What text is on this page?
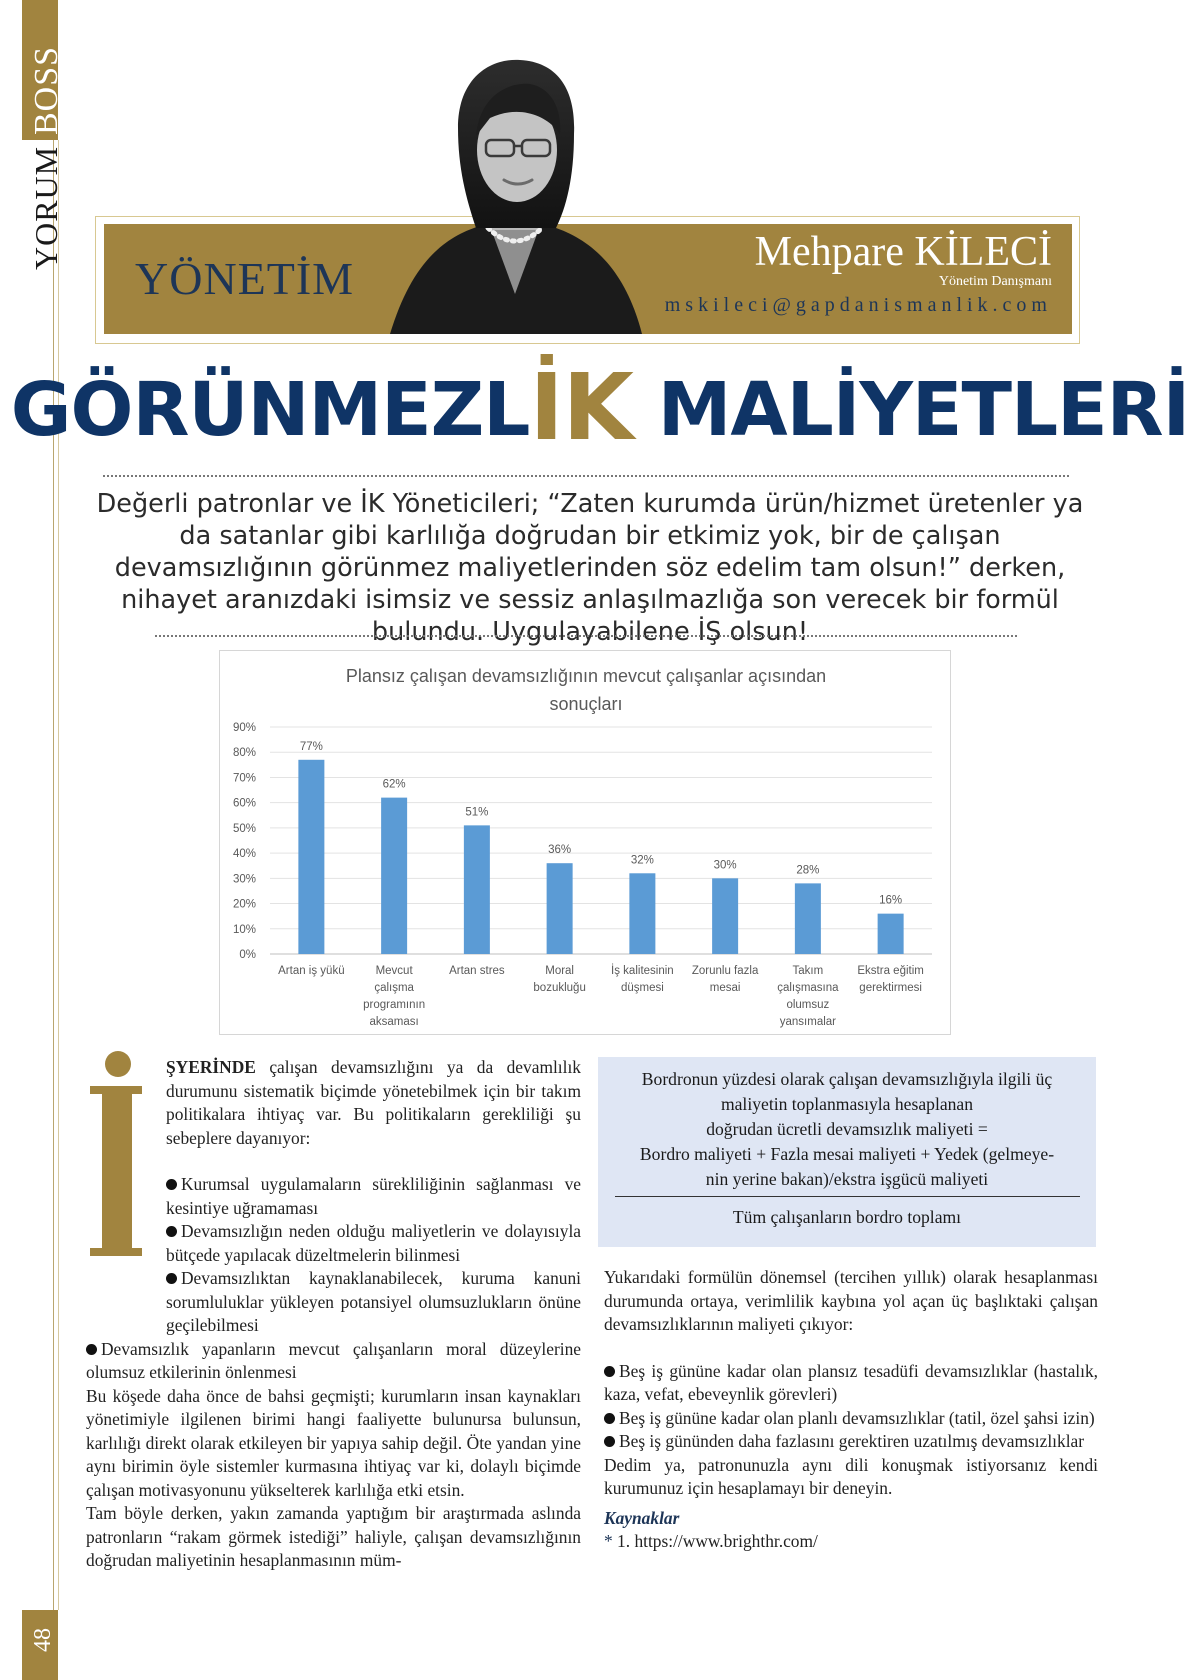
BOSS
YORUM
48
YÖNETİM
Mehpare KİLECİ
Yönetim Danışmanı
mskileci@gapdanismanlik.com
GÖRÜNMEZLİK MALİYETLERİ
Değerli patronlar ve İK Yöneticileri; “Zaten kurumda ürün/hizmet üretenler ya da satanlar gibi karlılığa doğrudan bir etkimiz yok, bir de çalışan devamsızlığının görünmez maliyetlerinden söz edelim tam olsun!” derken, nihayet aranızdaki isimsiz ve sessiz anlaşılmazlığa son verecek bir formül bulundu. Uygulayabilene İŞ olsun!
Plansız çalışan devamsızlığının mevcut çalışanlar açısından
sonuçları
0%
10%
20%
30%
40%
50%
60%
70%
80%
90%
77%
Artan iş yükü
62%
Mevcut
çalışma
programının
aksaması
51%
Artan stres
36%
Moral
bozukluğu
32%
İş kalitesinin
düşmesi
30%
Zorunlu fazla
mesai
28%
Takım
çalışmasına
olumsuz
yansımalar
16%
Ekstra eğitim
gerektirmesi

ŞYERİNDE çalışan devamsızlığını ya da devamlılık durumunu sistematik biçimde yönetebilmek için bir takım politikalara ihtiyaç var. Bu politikaların gerekliliği şu sebeplere dayanıyor:

Kurumsal uygulamaların sürekliliğinin sağlanması ve kesintiye uğramaması

Devamsızlığın neden olduğu maliyetlerin ve dolayısıyla bütçede yapılacak düzeltmelerin bilinmesi

Devamsızlıktan kaynaklanabilecek, kuruma kanuni sorumluluklar yükleyen potansiyel olumsuzlukların önüne geçilebilmesi

Devamsızlık yapanların mevcut çalışanların moral düzeylerine olumsuz etkilerinin önlenmesi

Bu köşede daha önce de bahsi geçmişti; kurumların insan kaynakları yönetimiyle ilgilenen birimi hangi faaliyette bulunursa bulunsun, karlılığı direkt olarak etkileyen bir yapıya sahip değil. Öte yandan yine aynı birimin öyle sistemler kurmasına ihtiyaç var ki, dolaylı biçimde çalışan motivasyonunu yükselterek karlılığa etki etsin.

Tam böyle derken, yakın zamanda yaptığım bir araştırmada aslında patronların “rakam görmek istediği” haliyle, çalışan devamsızlığının doğrudan maliyetinin hesaplanmasının müm-

Bordronun yüzdesi olarak çalışan devamsızlığıyla ilgili üç
maliyetin toplanmasıyla hesaplanan
doğrudan ücretli devamsızlık maliyeti =
Bordro maliyeti + Fazla mesai maliyeti + Yedek (gelmeye-
nin yerine bakan)/ekstra işgücü maliyeti
Tüm çalışanların bordro toplamı

Yukarıdaki formülün dönemsel (tercihen yıllık) olarak hesaplanması durumunda ortaya, verimlilik kaybına yol açan üç başlıktaki çalışan devamsızlıklarının maliyeti çıkıyor:

Beş iş gününe kadar olan plansız tesadüfi devamsızlıklar (hastalık, kaza, vefat, ebeveynlik görevleri)

Beş iş gününe kadar olan planlı devamsızlıklar (tatil, özel şahsi izin)

Beş iş gününden daha fazlasını gerektiren uzatılmış devamsızlıklar

Dedim ya, patronunuzla aynı dili konuşmak istiyorsanız kendi kurumunuz için hesaplamayı bir deneyin.

Kaynaklar
* 1. https://www.brighthr.com/
